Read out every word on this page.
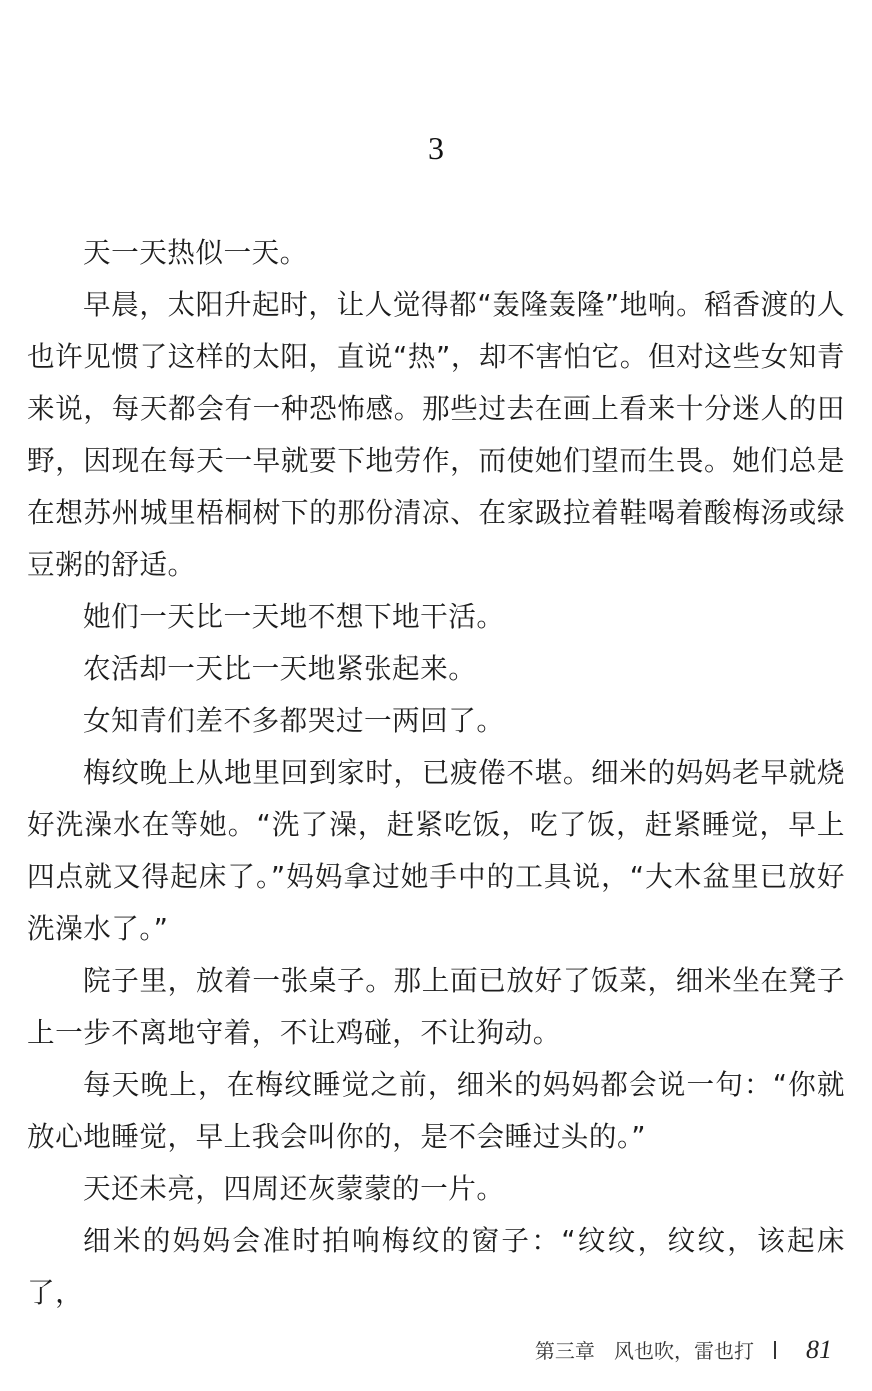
3

天一天热似一天。

早晨，太阳升起时，让人觉得都“轰隆轰隆”地响。稻香渡的人也许见惯了这样的太阳，直说“热”，却不害怕它。但对这些女知青来说，每天都会有一种恐怖感。那些过去在画上看来十分迷人的田野，因现在每天一早就要下地劳作，而使她们望而生畏。她们总是在想苏州城里梧桐树下的那份清凉、在家趿拉着鞋喝着酸梅汤或绿豆粥的舒适。

她们一天比一天地不想下地干活。

农活却一天比一天地紧张起来。

女知青们差不多都哭过一两回了。

梅纹晚上从地里回到家时，已疲倦不堪。细米的妈妈老早就烧好洗澡水在等她。“洗了澡，赶紧吃饭，吃了饭，赶紧睡觉，早上四点就又得起床了。”妈妈拿过她手中的工具说，“大木盆里已放好洗澡水了。”

院子里，放着一张桌子。那上面已放好了饭菜，细米坐在凳子上一步不离地守着，不让鸡碰，不让狗动。

每天晚上，在梅纹睡觉之前，细米的妈妈都会说一句：“你就放心地睡觉，早上我会叫你的，是不会睡过头的。”

天还未亮，四周还灰蒙蒙的一片。

细米的妈妈会准时拍响梅纹的窗子：“纹纹，纹纹，该起床了，

第三章 风也吹，雷也打 81
